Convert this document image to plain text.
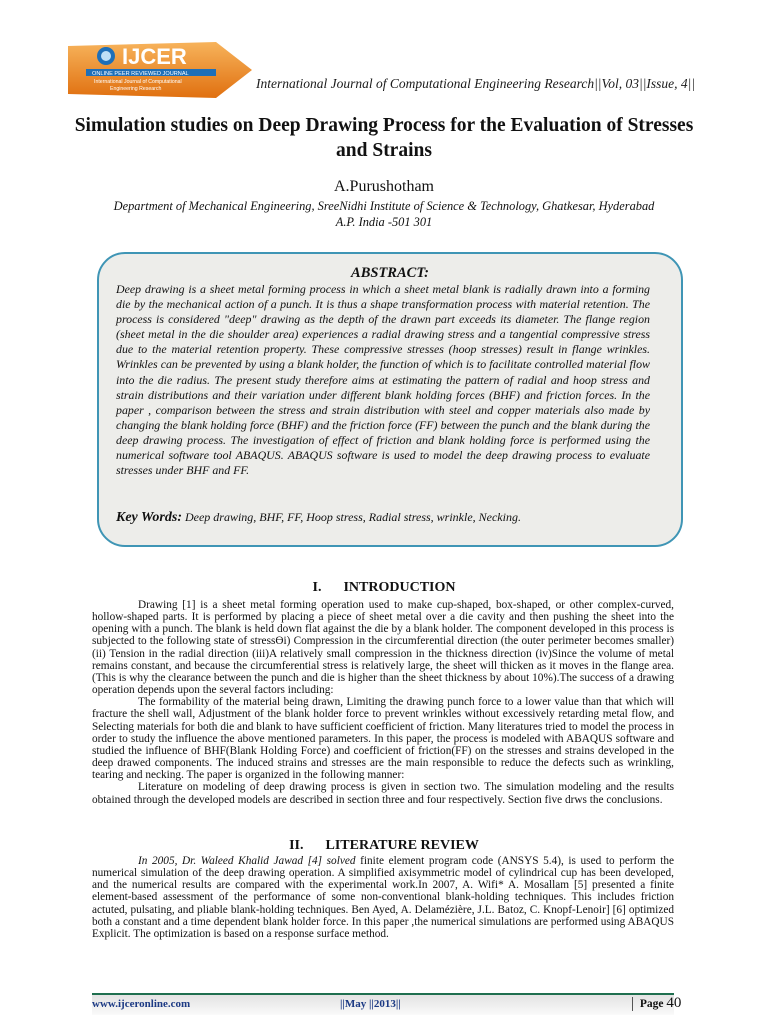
IJCER
ONLINE PEER REVIEWED JOURNAL
International Journal of Computational
Engineering Research	International Journal of Computational Engineering Research||Vol, 03||Issue, 4||
Simulation studies on Deep Drawing Process for the Evaluation of Stresses and Strains
A.Purushotham
Department of Mechanical Engineering, SreeNidhi Institute of Science & Technology, Ghatkesar, Hyderabad
A.P. India -501 301
ABSTRACT:
Deep drawing is a sheet metal forming process in which a sheet metal blank is radially drawn into a forming die by the mechanical action of a punch. It is thus a shape transformation process with material retention. The process is considered "deep" drawing as the depth of the drawn part exceeds its diameter. The flange region (sheet metal in the die shoulder area) experiences a radial drawing stress and a tangential compressive stress due to the material retention property. These compressive stresses (hoop stresses) result in flange wrinkles. Wrinkles can be prevented by using a blank holder, the function of which is to facilitate controlled material flow into the die radius. The present study therefore aims at estimating the pattern of radial and hoop stress and strain distributions and their variation under different blank holding forces (BHF) and friction forces. In the paper , comparison between the stress and strain distribution with steel and copper materials also made by changing the blank holding force (BHF) and the friction force (FF) between the punch and the blank during the deep drawing process. The investigation of effect of friction and blank holding force is performed using the numerical software tool ABAQUS. ABAQUS software is used to model the deep drawing process to evaluate stresses under BHF and FF.
Key Words: Deep drawing, BHF, FF, Hoop stress, Radial stress, wrinkle, Necking.
I. INTRODUCTION

Drawing [1] is a sheet metal forming operation used to make cup-shaped, box-shaped, or other complex-curved, hollow-shaped parts. It is performed by placing a piece of sheet metal over a die cavity and then pushing the sheet into the opening with a punch. The blank is held down flat against the die by a blank holder. The component developed in this process is subjected to the following state of stressϴi) Compression in the circumferential direction (the outer perimeter becomes smaller) (ii) Tension in the radial direction (iii)A relatively small compression in the thickness direction (iv)Since the volume of metal remains constant, and because the circumferential stress is relatively large, the sheet will thicken as it moves in the flange area. (This is why the clearance between the punch and die is higher than the sheet thickness by about 10%).The success of a drawing operation depends upon the several factors including:

The formability of the material being drawn, Limiting the drawing punch force to a lower value than that which will fracture the shell wall, Adjustment of the blank holder force to prevent wrinkles without excessively retarding metal flow, and Selecting materials for both die and blank to have sufficient coefficient of friction. Many literatures tried to model the process in order to study the influence the above mentioned parameters. In this paper, the process is modeled with ABAQUS software and studied the influence of BHF(Blank Holding Force) and coefficient of friction(FF) on the stresses and strains developed in the deep drawed components. The induced strains and stresses are the main responsible to reduce the defects such as wrinkling, tearing and necking. The paper is organized in the following manner:

Literature on modeling of deep drawing process is given in section two. The simulation modeling and the results obtained through the developed models are described in section three and four respectively. Section five drws the conclusions.

II. LITERATURE REVIEW

In 2005, Dr. Waleed Khalid Jawad [4] solved finite element program code (ANSYS 5.4), is used to perform the numerical simulation of the deep drawing operation. A simplified axisymmetric model of cylindrical cup has been developed, and the numerical results are compared with the experimental work.In 2007, A. Wifi* A. Mosallam [5] presented a finite element-based assessment of the performance of some non-conventional blank-holding techniques. This includes friction actuted, pulsating, and pliable blank-holding techniques. Ben Ayed, A. Delamézière, J.L. Batoz, C. Knopf-Lenoir] [6] optimized both a constant and a time dependent blank holder force. In this paper ,the numerical simulations are performed using ABAQUS Explicit. The optimization is based on a response surface method.

www.ijceronline.com	||May ||2013||	Page 40
